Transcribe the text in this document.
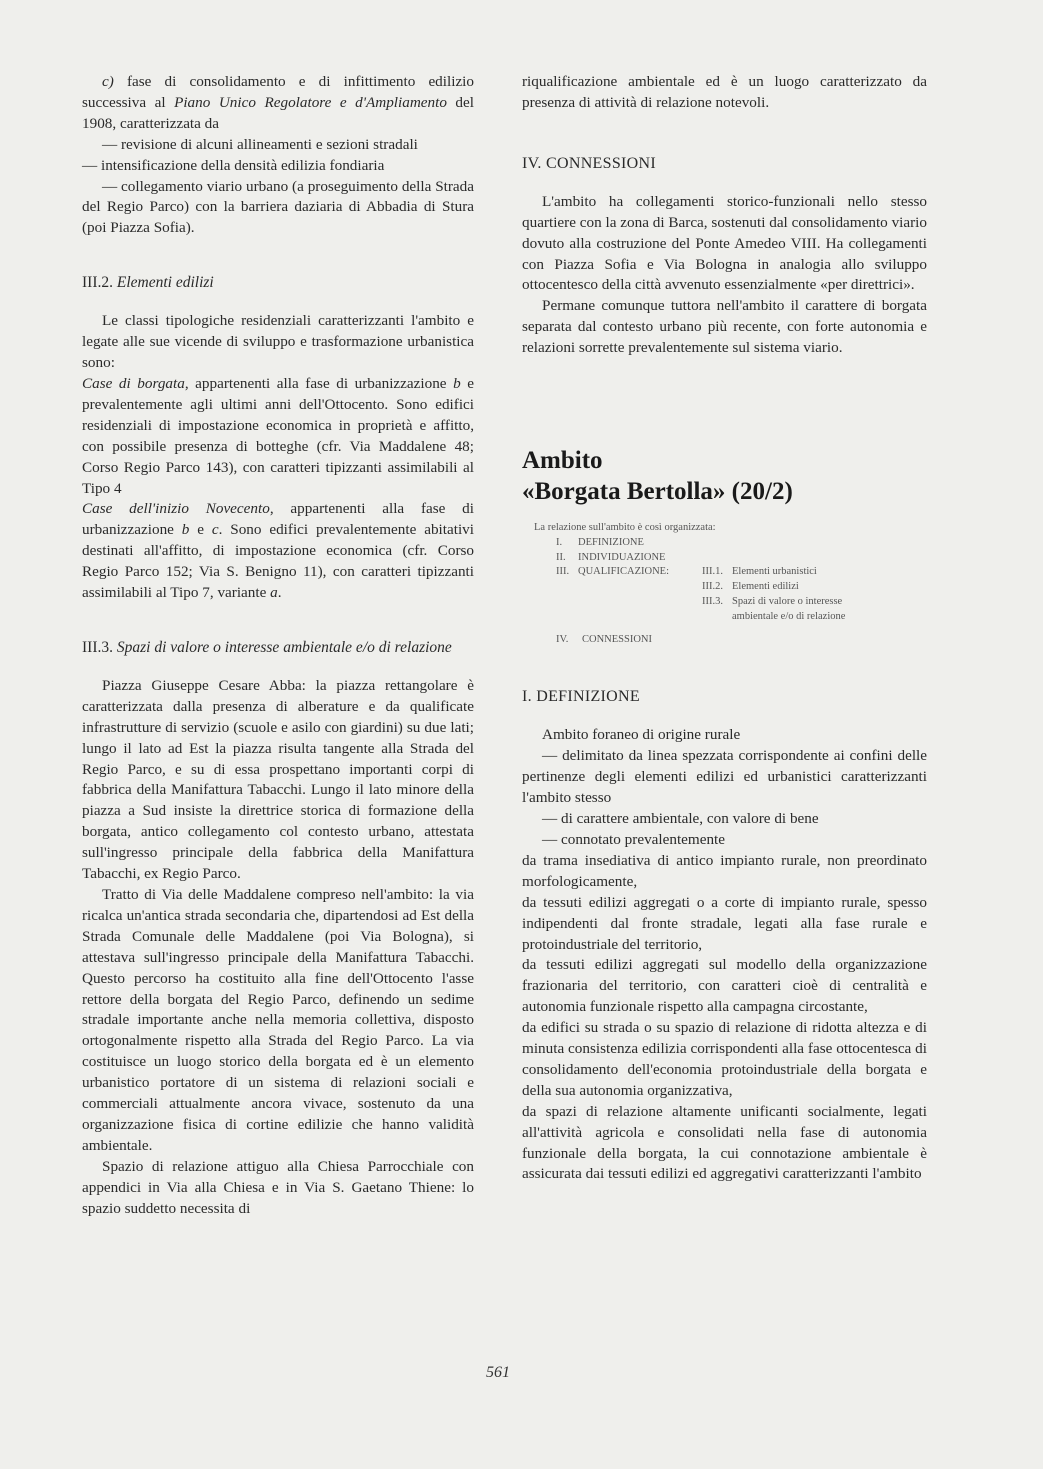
c) fase di consolidamento e di infittimento edilizio successiva al Piano Unico Regolatore e d'Ampliamento del 1908, caratterizzata da

— revisione di alcuni allineamenti e sezioni stradali

— intensificazione della densità edilizia fondiaria

— collegamento viario urbano (a proseguimento della Strada del Regio Parco) con la barriera daziaria di Abbadia di Stura (poi Piazza Sofia).

III.2. Elementi edilizi

Le classi tipologiche residenziali caratterizzanti l'ambito e legate alle sue vicende di sviluppo e trasformazione urbanistica sono:

Case di borgata, appartenenti alla fase di urbanizzazione b e prevalentemente agli ultimi anni dell'Ottocento. Sono edifici residenziali di impostazione economica in proprietà e affitto, con possibile presenza di botteghe (cfr. Via Maddalene 48; Corso Regio Parco 143), con caratteri tipizzanti assimilabili al Tipo 4

Case dell'inizio Novecento, appartenenti alla fase di urbanizzazione b e c. Sono edifici prevalentemente abitativi destinati all'affitto, di impostazione economica (cfr. Corso Regio Parco 152; Via S. Benigno 11), con caratteri tipizzanti assimilabili al Tipo 7, variante a.

III.3. Spazi di valore o interesse ambientale e/o di relazione

Piazza Giuseppe Cesare Abba: la piazza rettangolare è caratterizzata dalla presenza di alberature e da qualificate infrastrutture di servizio (scuole e asilo con giardini) su due lati; lungo il lato ad Est la piazza risulta tangente alla Strada del Regio Parco, e su di essa prospettano importanti corpi di fabbrica della Manifattura Tabacchi. Lungo il lato minore della piazza a Sud insiste la direttrice storica di formazione della borgata, antico collegamento col contesto urbano, attestata sull'ingresso principale della fabbrica della Manifattura Tabacchi, ex Regio Parco.

Tratto di Via delle Maddalene compreso nell'ambito: la via ricalca un'antica strada secondaria che, dipartendosi ad Est della Strada Comunale delle Maddalene (poi Via Bologna), si attestava sull'ingresso principale della Manifattura Tabacchi. Questo percorso ha costituito alla fine dell'Ottocento l'asse rettore della borgata del Regio Parco, definendo un sedime stradale importante anche nella memoria collettiva, disposto ortogonalmente rispetto alla Strada del Regio Parco. La via costituisce un luogo storico della borgata ed è un elemento urbanistico portatore di un sistema di relazioni sociali e commerciali attualmente ancora vivace, sostenuto da una organizzazione fisica di cortine edilizie che hanno validità ambientale.

Spazio di relazione attiguo alla Chiesa Parrocchiale con appendici in Via alla Chiesa e in Via S. Gaetano Thiene: lo spazio suddetto necessita di

riqualificazione ambientale ed è un luogo caratterizzato da presenza di attività di relazione notevoli.

IV. CONNESSIONI

L'ambito ha collegamenti storico-funzionali nello stesso quartiere con la zona di Barca, sostenuti dal consolidamento viario dovuto alla costruzione del Ponte Amedeo VIII. Ha collegamenti con Piazza Sofia e Via Bologna in analogia allo sviluppo ottocentesco della città avvenuto essenzialmente «per direttrici».

Permane comunque tuttora nell'ambito il carattere di borgata separata dal contesto urbano più recente, con forte autonomia e relazioni sorrette prevalentemente sul sistema viario.

Ambito
«Borgata Bertolla» (20/2)
La relazione sull'ambito è così organizzata:
I.	DEFINIZIONE
II.	INDIVIDUAZIONE
III. QUALIFICAZIONE:	III.1. Elementi urbanistici
III.2. Elementi edilizi
III.3. Spazi di valore o interesse ambientale e/o di relazione
IV.	CONNESSIONI
I. DEFINIZIONE

Ambito foraneo di origine rurale

— delimitato da linea spezzata corrispondente ai confini delle pertinenze degli elementi edilizi ed urbanistici caratterizzanti l'ambito stesso

— di carattere ambientale, con valore di bene

— connotato prevalentemente

da trama insediativa di antico impianto rurale, non preordinato morfologicamente,

da tessuti edilizi aggregati o a corte di impianto rurale, spesso indipendenti dal fronte stradale, legati alla fase rurale e protoindustriale del territorio,

da tessuti edilizi aggregati sul modello della organizzazione frazionaria del territorio, con caratteri cioè di centralità e autonomia funzionale rispetto alla campagna circostante,

da edifici su strada o su spazio di relazione di ridotta altezza e di minuta consistenza edilizia corrispondenti alla fase ottocentesca di consolidamento dell'economia protoindustriale della borgata e della sua autonomia organizzativa,

da spazi di relazione altamente unificanti socialmente, legati all'attività agricola e consolidati nella fase di autonomia funzionale della borgata, la cui connotazione ambientale è assicurata dai tessuti edilizi ed aggregativi caratterizzanti l'ambito

561
